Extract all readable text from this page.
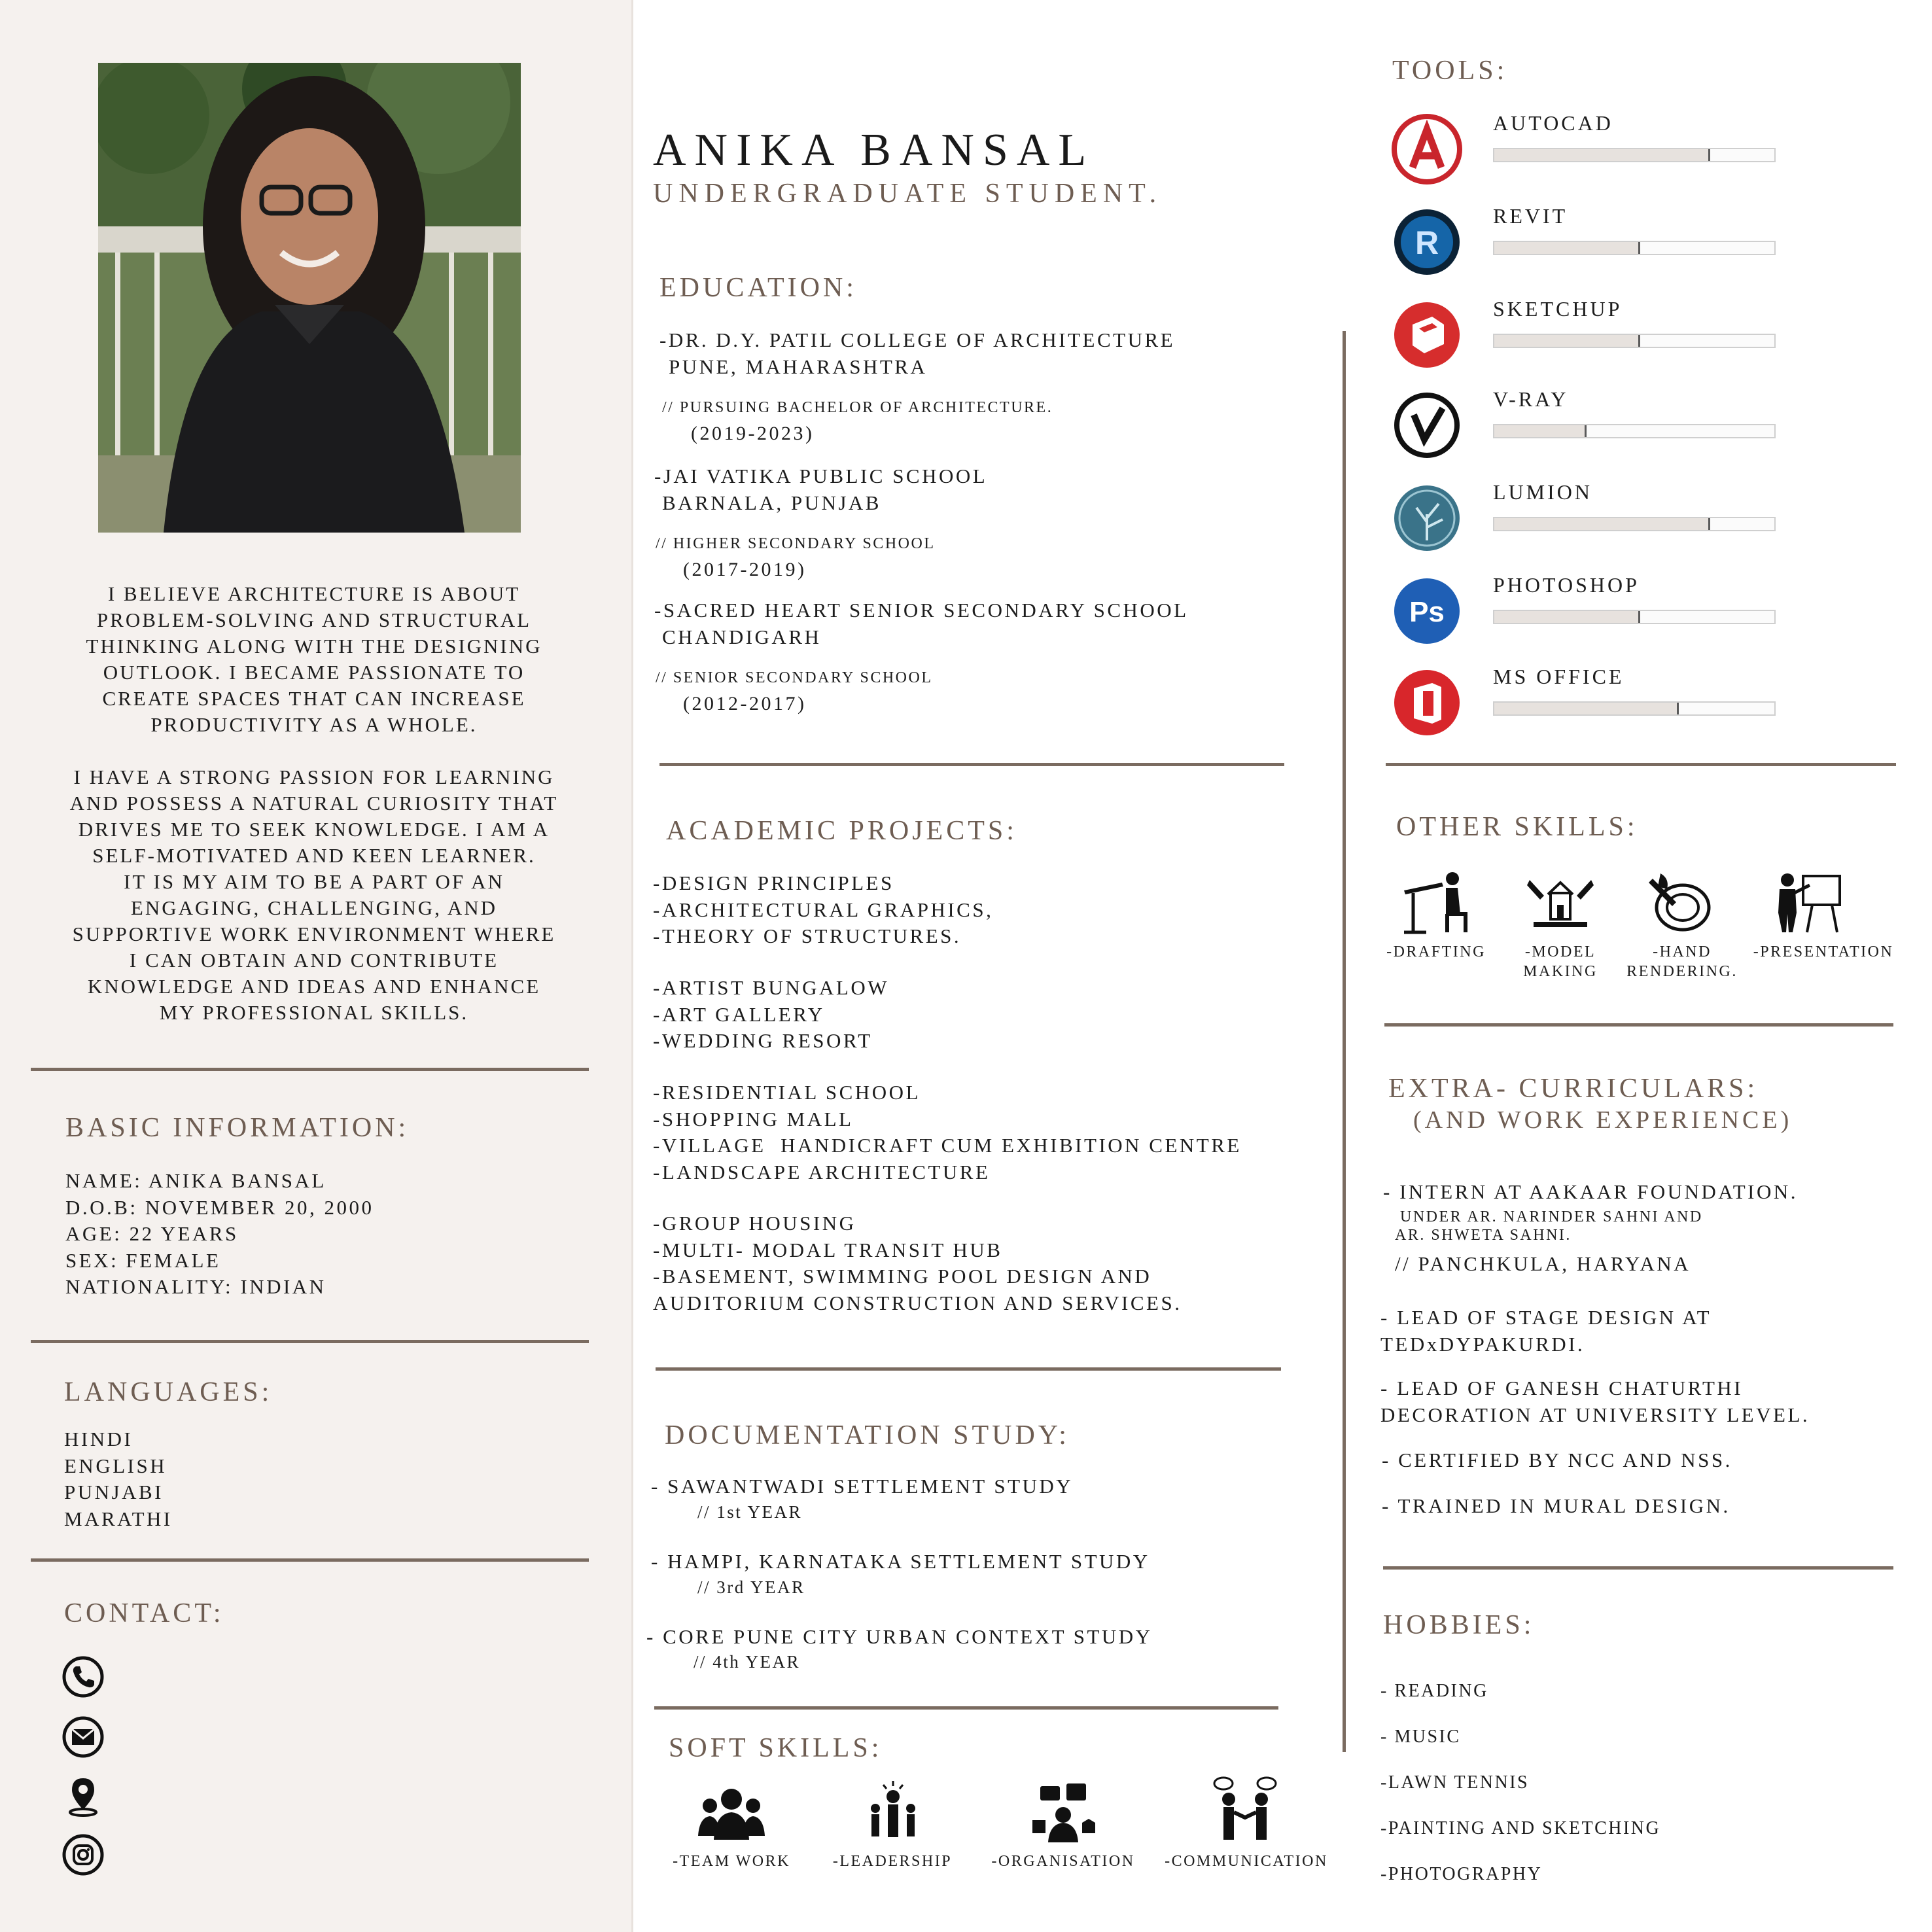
I BELIEVE ARCHITECTURE IS ABOUT
PROBLEM-SOLVING AND STRUCTURAL
THINKING ALONG WITH THE DESIGNING
OUTLOOK. I BECAME PASSIONATE TO
CREATE SPACES THAT CAN INCREASE
PRODUCTIVITY AS A WHOLE.
I HAVE A STRONG PASSION FOR LEARNING
AND POSSESS A NATURAL CURIOSITY THAT
DRIVES ME TO SEEK KNOWLEDGE. I AM A
SELF-MOTIVATED AND KEEN LEARNER.
IT IS MY AIM TO BE A PART OF AN
ENGAGING, CHALLENGING, AND
SUPPORTIVE WORK ENVIRONMENT WHERE
I CAN OBTAIN AND CONTRIBUTE
KNOWLEDGE AND IDEAS AND ENHANCE
MY PROFESSIONAL SKILLS.
BASIC INFORMATION:
NAME: ANIKA BANSAL
D.O.B: NOVEMBER 20, 2000
AGE: 22 YEARS
SEX: FEMALE
NATIONALITY: INDIAN
LANGUAGES:
HINDI
ENGLISH
PUNJABI
MARATHI
CONTACT:
ANIKA BANSAL
UNDERGRADUATE STUDENT.
EDUCATION:
-DR. D.Y. PATIL COLLEGE OF ARCHITECTURE
PUNE, MAHARASHTRA
// PURSUING BACHELOR OF ARCHITECTURE.
(2019-2023)
-JAI VATIKA PUBLIC SCHOOL
BARNALA, PUNJAB
// HIGHER SECONDARY SCHOOL
(2017-2019)
-SACRED HEART SENIOR SECONDARY SCHOOL
CHANDIGARH
// SENIOR SECONDARY SCHOOL
(2012-2017)
ACADEMIC PROJECTS:
-DESIGN PRINCIPLES
-ARCHITECTURAL GRAPHICS,
-THEORY OF STRUCTURES.
-ARTIST BUNGALOW
-ART GALLERY
-WEDDING RESORT
-RESIDENTIAL SCHOOL
-SHOPPING MALL
-VILLAGE  HANDICRAFT CUM EXHIBITION CENTRE
-LANDSCAPE ARCHITECTURE
-GROUP HOUSING
-MULTI- MODAL TRANSIT HUB
-BASEMENT, SWIMMING POOL DESIGN AND
AUDITORIUM CONSTRUCTION AND SERVICES.
DOCUMENTATION STUDY:
- SAWANTWADI SETTLEMENT STUDY
// 1st YEAR
- HAMPI, KARNATAKA SETTLEMENT STUDY
// 3rd YEAR
- CORE PUNE CITY URBAN CONTEXT STUDY
// 4th YEAR
SOFT SKILLS:
-TEAM WORK	-LEADERSHIP	-ORGANISATION	-COMMUNICATION
TOOLS:
AUTOCAD
R
REVIT
SKETCHUP
V-RAY
LUMION
Ps
PHOTOSHOP
MS OFFICE
OTHER SKILLS:
-DRAFTING	-MODEL
MAKING
-HAND
RENDERING.
-PRESENTATION
EXTRA- CURRICULARS:
(AND WORK EXPERIENCE)
- INTERN AT AAKAAR FOUNDATION.
UNDER AR. NARINDER SAHNI AND
AR. SHWETA SAHNI.
// PANCHKULA, HARYANA
- LEAD OF STAGE DESIGN AT
TEDxDYPAKURDI.
- LEAD OF GANESH CHATURTHI
DECORATION AT UNIVERSITY LEVEL.
- CERTIFIED BY NCC AND NSS.
- TRAINED IN MURAL DESIGN.
HOBBIES:
- READING
- MUSIC
-LAWN TENNIS
-PAINTING AND SKETCHING
-PHOTOGRAPHY
